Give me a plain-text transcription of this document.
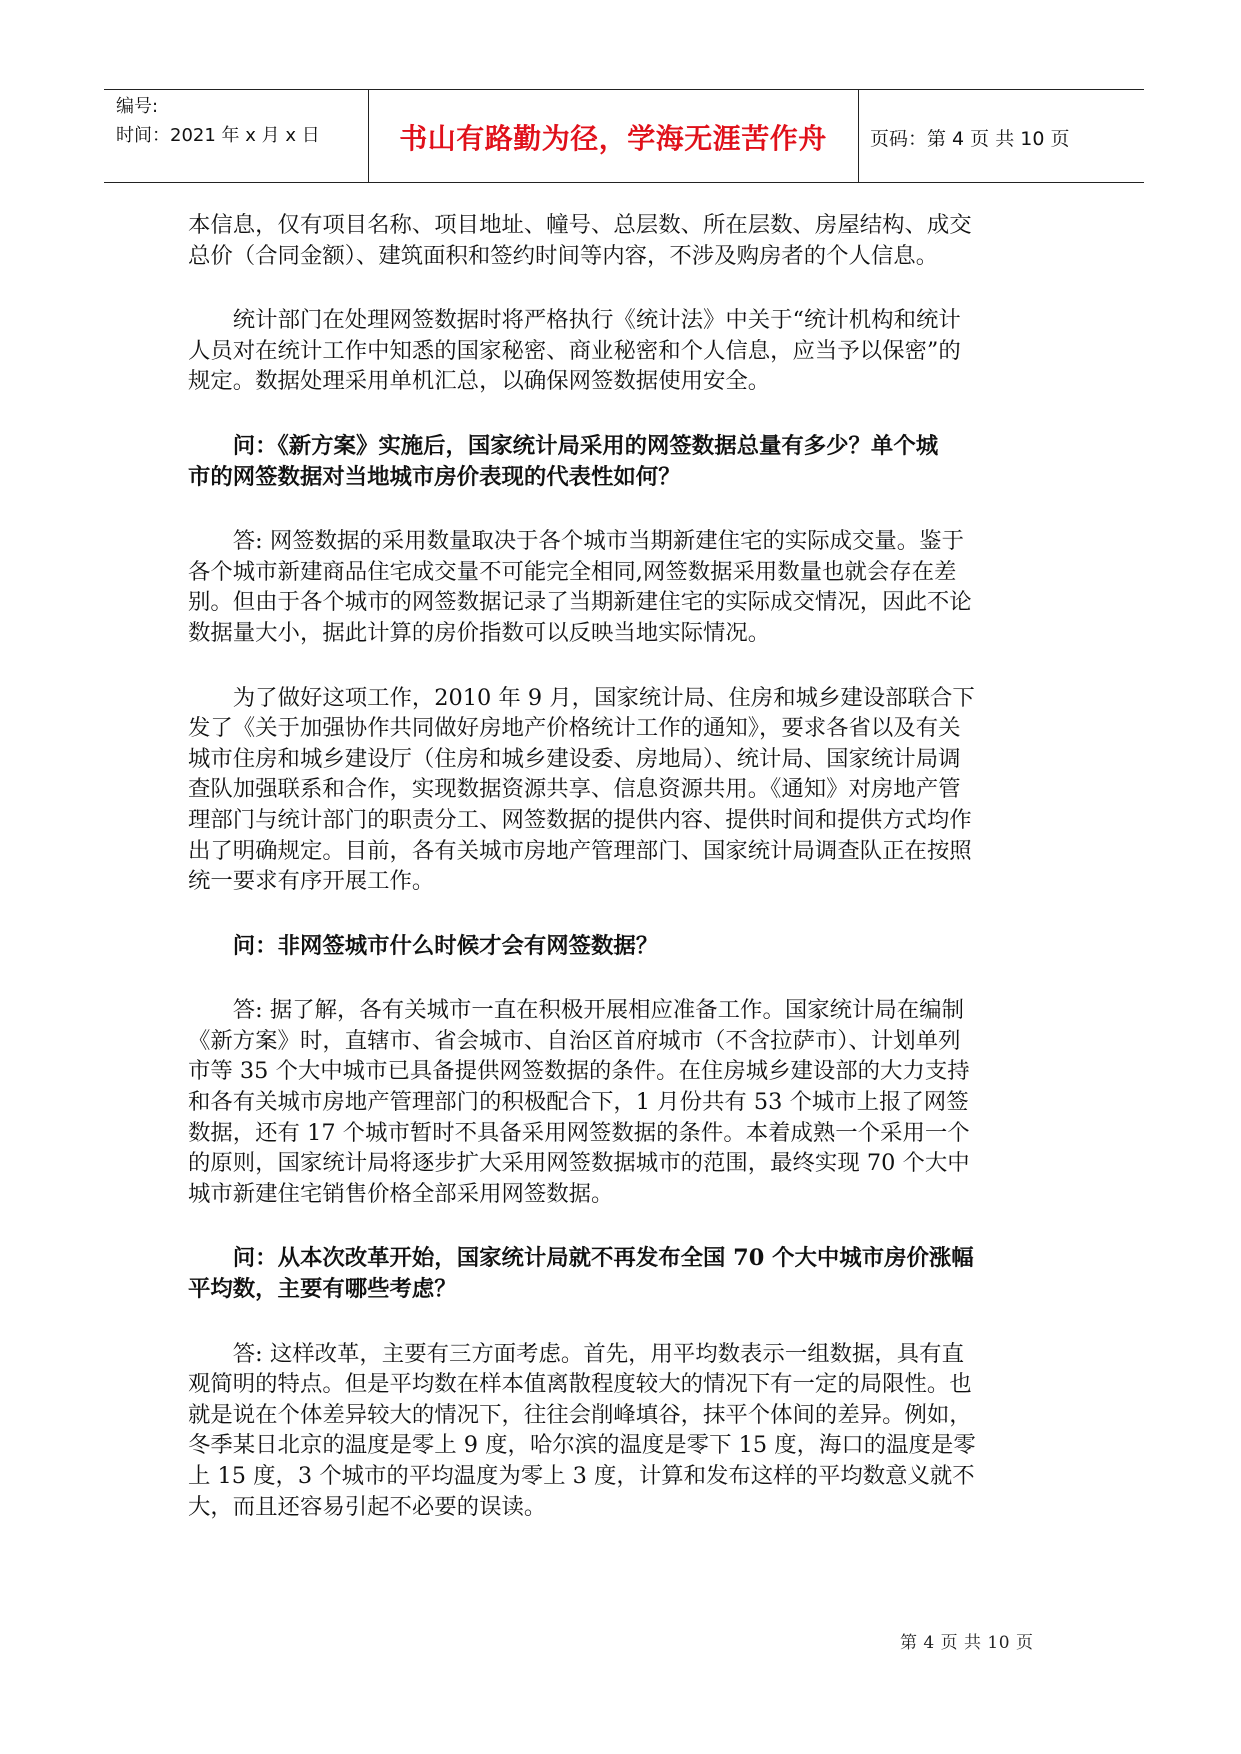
编号:
时间：2021 年 x 月 x 日	书山有路勤为径，学海无涯苦作舟	页码：第 4 页 共 10 页

本信息，仅有项目名称、项目地址、幢号、总层数、所在层数、房屋结构、成交

总价（合同金额）、建筑面积和签约时间等内容，不涉及购房者的个人信息。

统计部门在处理网签数据时将严格执行《统计法》中关于“统计机构和统计

人员对在统计工作中知悉的国家秘密、商业秘密和个人信息，应当予以保密”的

规定。数据处理采用单机汇总，以确保网签数据使用安全。

问：《新方案》实施后，国家统计局采用的网签数据总量有多少？单个城

市的网签数据对当地城市房价表现的代表性如何？

答: 网签数据的采用数量取决于各个城市当期新建住宅的实际成交量。鉴于

各个城市新建商品住宅成交量不可能完全相同,网签数据采用数量也就会存在差

别。但由于各个城市的网签数据记录了当期新建住宅的实际成交情况，因此不论

数据量大小，据此计算的房价指数可以反映当地实际情况。

为了做好这项工作，2010 年 9 月，国家统计局、住房和城乡建设部联合下

发了《关于加强协作共同做好房地产价格统计工作的通知》，要求各省以及有关

城市住房和城乡建设厅（住房和城乡建设委、房地局）、统计局、国家统计局调

查队加强联系和合作，实现数据资源共享、信息资源共用。《通知》对房地产管

理部门与统计部门的职责分工、网签数据的提供内容、提供时间和提供方式均作

出了明确规定。目前，各有关城市房地产管理部门、国家统计局调查队正在按照

统一要求有序开展工作。

问：非网签城市什么时候才会有网签数据？

答: 据了解，各有关城市一直在积极开展相应准备工作。国家统计局在编制

《新方案》时，直辖市、省会城市、自治区首府城市（不含拉萨市）、计划单列

市等 35 个大中城市已具备提供网签数据的条件。在住房城乡建设部的大力支持

和各有关城市房地产管理部门的积极配合下，1 月份共有 53 个城市上报了网签

数据，还有 17 个城市暂时不具备采用网签数据的条件。本着成熟一个采用一个

的原则，国家统计局将逐步扩大采用网签数据城市的范围，最终实现 70 个大中

城市新建住宅销售价格全部采用网签数据。

问：从本次改革开始，国家统计局就不再发布全国 70 个大中城市房价涨幅

平均数，主要有哪些考虑？

答: 这样改革，主要有三方面考虑。首先，用平均数表示一组数据，具有直

观简明的特点。但是平均数在样本值离散程度较大的情况下有一定的局限性。也

就是说在个体差异较大的情况下，往往会削峰填谷，抹平个体间的差异。例如，

冬季某日北京的温度是零上 9 度，哈尔滨的温度是零下 15 度，海口的温度是零

上 15 度，3 个城市的平均温度为零上 3 度，计算和发布这样的平均数意义就不

大，而且还容易引起不必要的误读。

第 4 页 共 10 页
